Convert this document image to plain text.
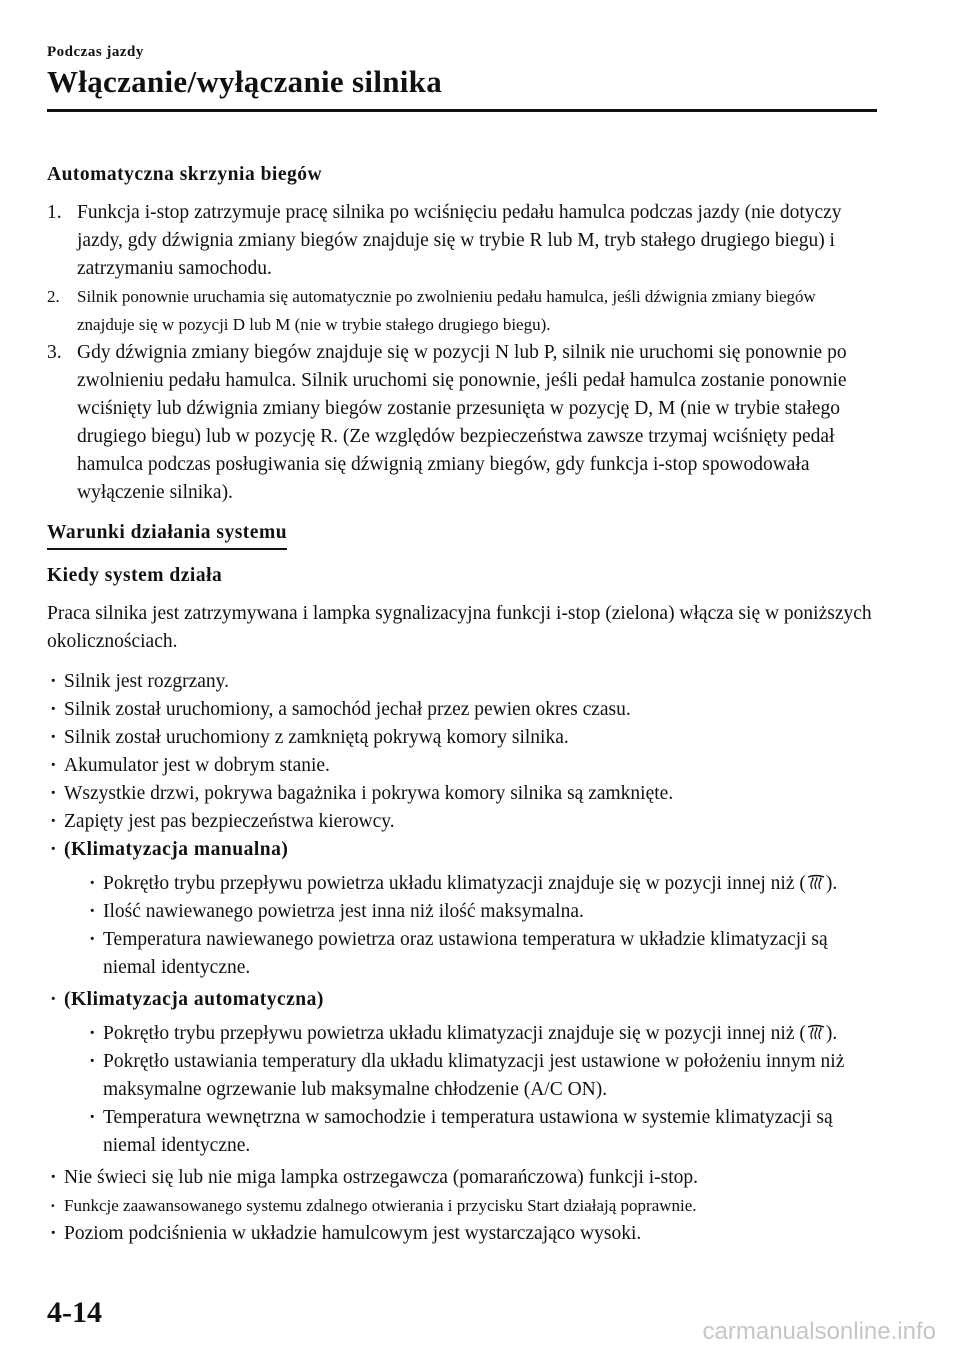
Podczas jazdy
Włączanie/wyłączanie silnika
Automatyczna skrzynia biegów
1. Funkcja i-stop zatrzymuje pracę silnika po wciśnięciu pedału hamulca podczas jazdy (nie dotyczy jazdy, gdy dźwignia zmiany biegów znajduje się w trybie R lub M, tryb stałego drugiego biegu) i zatrzymaniu samochodu.
2. Silnik ponownie uruchamia się automatycznie po zwolnieniu pedału hamulca, jeśli dźwignia zmiany biegów znajduje się w pozycji D lub M (nie w trybie stałego drugiego biegu).
3. Gdy dźwignia zmiany biegów znajduje się w pozycji N lub P, silnik nie uruchomi się ponownie po zwolnieniu pedału hamulca. Silnik uruchomi się ponownie, jeśli pedał hamulca zostanie ponownie wciśnięty lub dźwignia zmiany biegów zostanie przesunięta w pozycję D, M (nie w trybie stałego drugiego biegu) lub w pozycję R. (Ze względów bezpieczeństwa zawsze trzymaj wciśnięty pedał hamulca podczas posługiwania się dźwignią zmiany biegów, gdy funkcja i-stop spowodowała wyłączenie silnika).
Warunki działania systemu
Kiedy system działa

Praca silnika jest zatrzymywana i lampka sygnalizacyjna funkcji i-stop (zielona) włącza się w poniższych okolicznościach.

· Silnik jest rozgrzany.
· Silnik został uruchomiony, a samochód jechał przez pewien okres czasu.
· Silnik został uruchomiony z zamkniętą pokrywą komory silnika.
· Akumulator jest w dobrym stanie.
· Wszystkie drzwi, pokrywa bagażnika i pokrywa komory silnika są zamknięte.
· Zapięty jest pas bezpieczeństwa kierowcy.
· (Klimatyzacja manualna)
· Pokrętło trybu przepływu powietrza układu klimatyzacji znajduje się w pozycji innej niż ( ).
· Ilość nawiewanego powietrza jest inna niż ilość maksymalna.
· Temperatura nawiewanego powietrza oraz ustawiona temperatura w układzie klimatyzacji są niemal identyczne.
· (Klimatyzacja automatyczna)
· Pokrętło trybu przepływu powietrza układu klimatyzacji znajduje się w pozycji innej niż ( ).
· Pokrętło ustawiania temperatury dla układu klimatyzacji jest ustawione w położeniu innym niż maksymalne ogrzewanie lub maksymalne chłodzenie (A/C ON).
· Temperatura wewnętrzna w samochodzie i temperatura ustawiona w systemie klimatyzacji są niemal identyczne.
· Nie świeci się lub nie miga lampka ostrzegawcza (pomarańczowa) funkcji i-stop.
· Funkcje zaawansowanego systemu zdalnego otwierania i przycisku Start działają poprawnie.
· Poziom podciśnienia w układzie hamulcowym jest wystarczająco wysoki.
4-14
carmanualsonline.info
